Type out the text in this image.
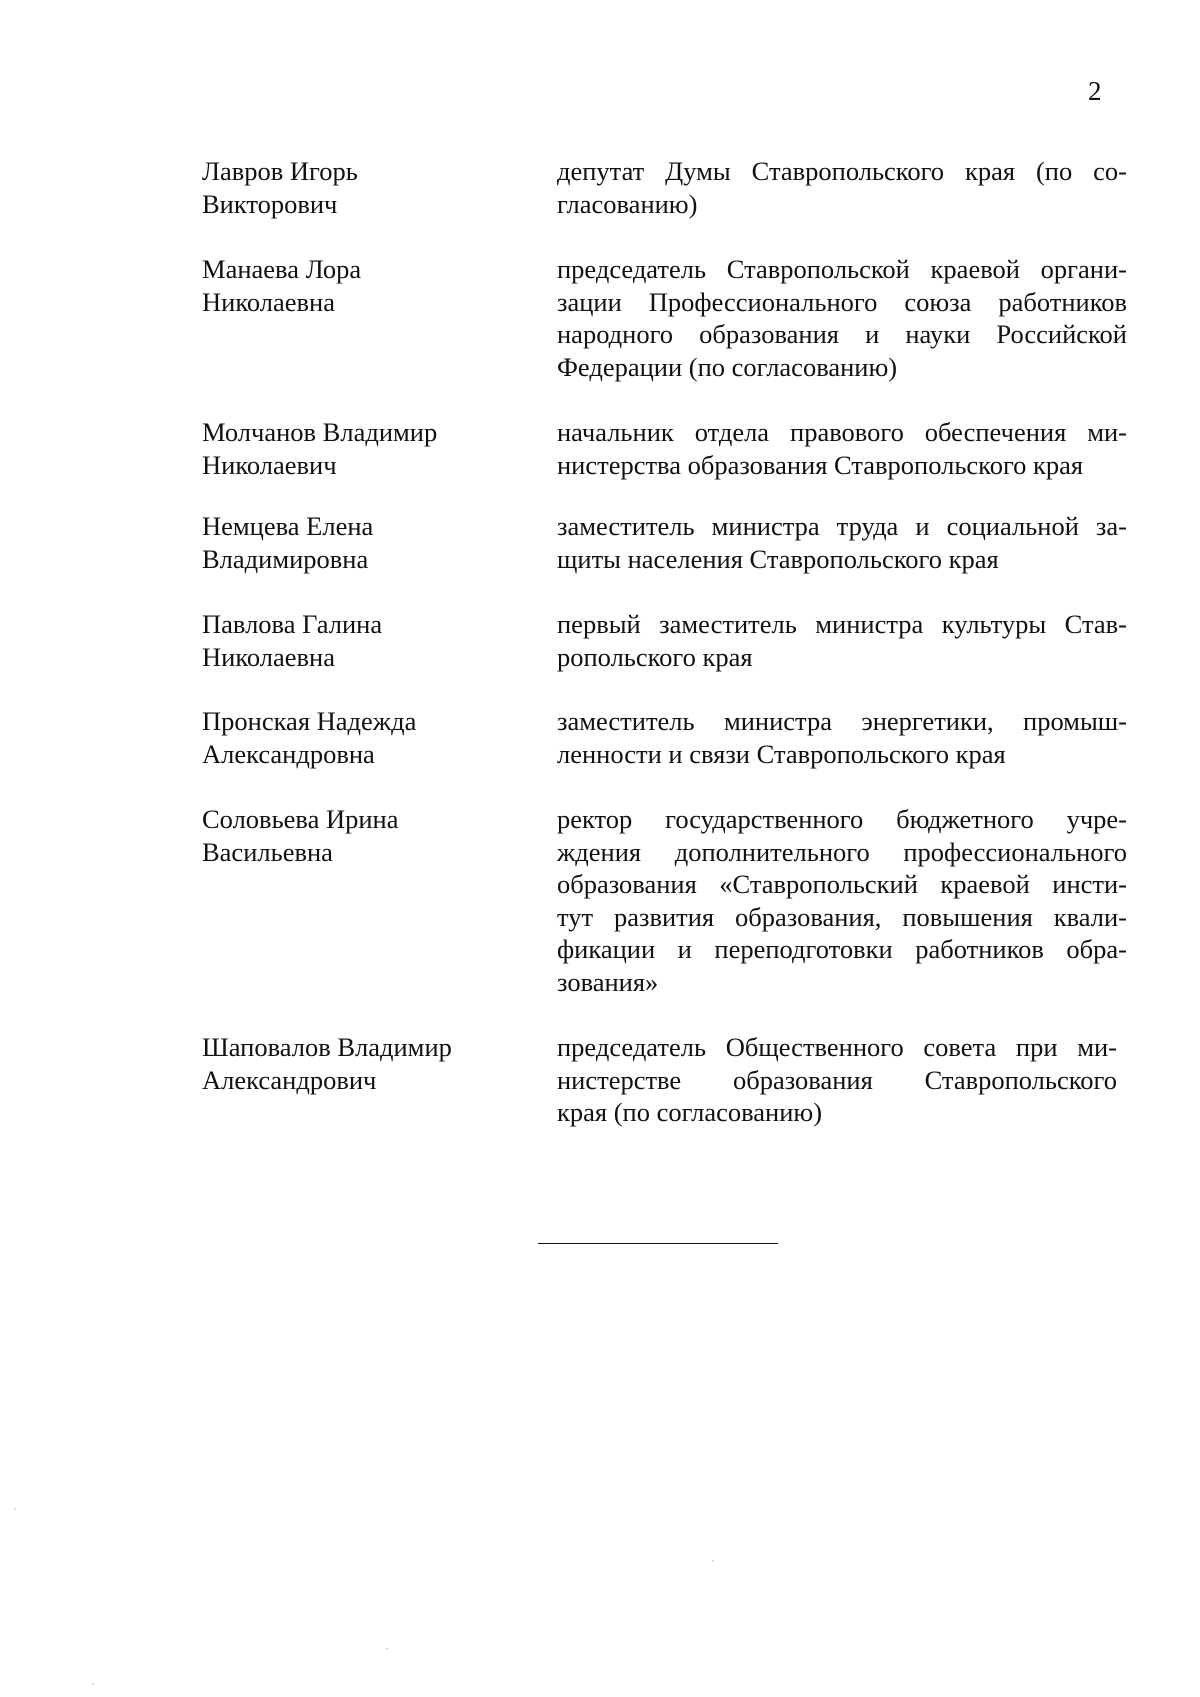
2
Лавров Игорь
Викторович
депутат Думы Ставропольского края (по со-
гласованию)
Манаева Лора
Николаевна
председатель Ставропольской краевой органи-
зации Профессионального союза работников
народного образования и науки Российской
Федерации (по согласованию)
Молчанов Владимир
Николаевич
начальник отдела правового обеспечения ми-
нистерства образования Ставропольского края
Немцева Елена
Владимировна
заместитель министра труда и социальной за-
щиты населения Ставропольского края
Павлова Галина
Николаевна
первый заместитель министра культуры Став-
ропольского края
Пронская Надежда
Александровна
заместитель министра энергетики, промыш-
ленности и связи Ставропольского края
Соловьева Ирина
Васильевна
ректор государственного бюджетного учре-
ждения дополнительного профессионального
образования «Ставропольский краевой инсти-
тут развития образования, повышения квали-
фикации и переподготовки работников обра-
зования»
Шаповалов Владимир
Александрович
председатель Общественного совета при ми-
нистерстве образования Ставропольского
края (по согласованию)
